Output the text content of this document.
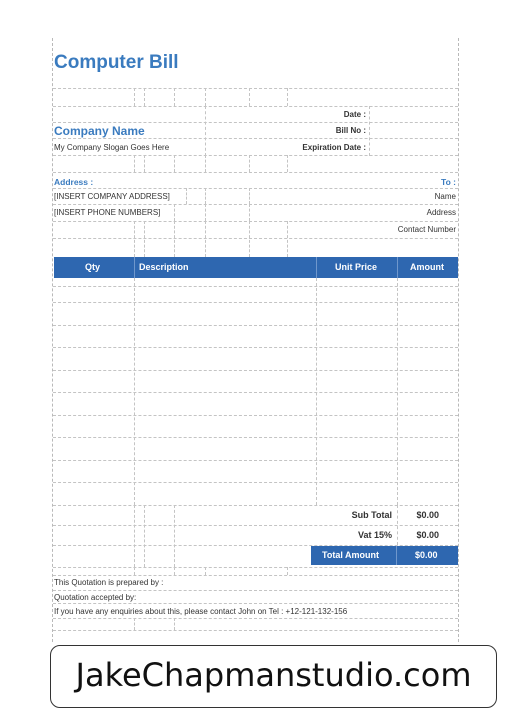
Computer Bill
Date :
Company Name	Bill No :
My Company Slogan Goes Here	Expiration Date :
Address :	To :
[INSERT COMPANY ADDRESS]	Name
[INSERT PHONE NUMBERS]	Address
Contact Number
Qty	Description	Unit Price	Amount
Sub Total	$0.00
Vat 15%	$0.00
Total Amount	$0.00
This Quotation is prepared by :
Quotation accepted by:
If you have any enquiries about this, please contact John on Tel : +12-121-132-156
JakeChapmanstudio.com
